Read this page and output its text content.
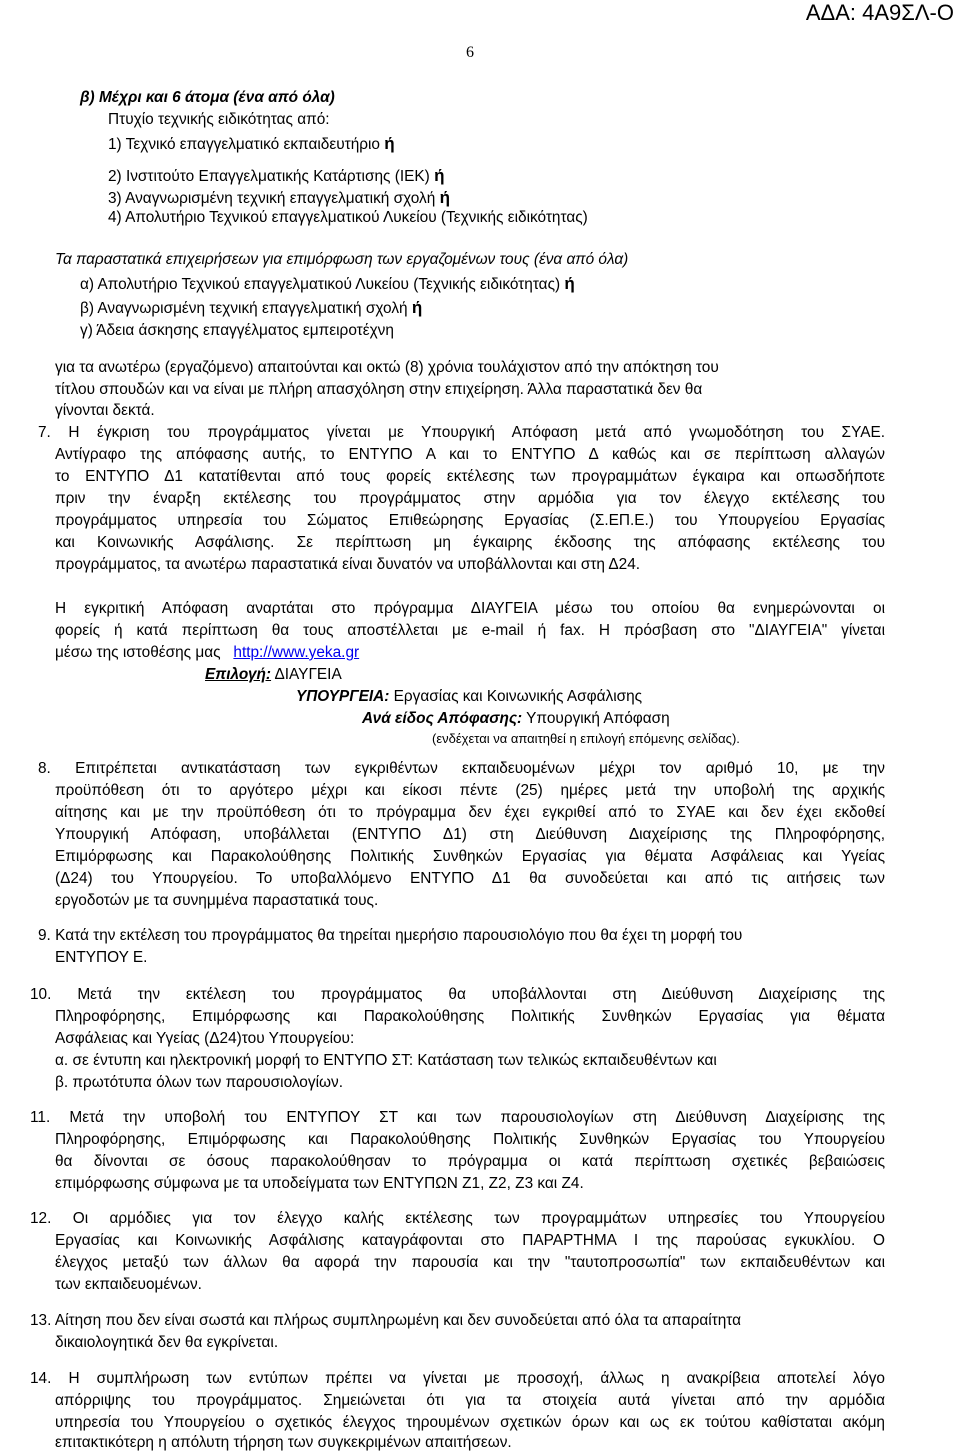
ΑΔΑ: 4Α9ΣΛ-Ο
6
β) Μέχρι και 6 άτομα (ένα από όλα)
Πτυχίο τεχνικής ειδικότητας από:
1) Τεχνικό επαγγελματικό εκπαιδευτήριο ή
2) Ινστιτούτο Επαγγελματικής Κατάρτισης (ΙΕΚ) ή
3) Αναγνωρισμένη τεχνική επαγγελματική σχολή ή
4) Απολυτήριο Τεχνικού επαγγελματικού Λυκείου (Τεχνικής ειδικότητας)
Τα παραστατικά επιχειρήσεων για επιμόρφωση των εργαζομένων τους (ένα από όλα)
α) Απολυτήριο Τεχνικού επαγγελματικού Λυκείου (Τεχνικής ειδικότητας) ή
β) Αναγνωρισμένη τεχνική επαγγελματική σχολή ή
γ) Άδεια άσκησης επαγγέλματος εμπειροτέχνη
για τα ανωτέρω (εργαζόμενο) απαιτούνται και οκτώ (8) χρόνια τουλάχιστον από την απόκτηση του
τίτλου σπουδών και να είναι με πλήρη απασχόληση στην επιχείρηση. Άλλα παραστατικά δεν θα
γίνονται δεκτά.
7. Η έγκριση του προγράμματος γίνεται με Υπουργική Απόφαση μετά από γνωμοδότηση του ΣΥΑΕ.
Αντίγραφο της απόφασης αυτής, το ΕΝΤΥΠΟ Α και το ΕΝΤΥΠΟ Δ καθώς και σε περίπτωση αλλαγών
το ΕΝΤΥΠΟ Δ1 κατατίθενται από τους φορείς εκτέλεσης των προγραμμάτων έγκαιρα και οπωσδήποτε
πριν την έναρξη εκτέλεσης του προγράμματος στην αρμόδια για τον έλεγχο εκτέλεσης του
προγράμματος υπηρεσία του Σώματος Επιθεώρησης Εργασίας (Σ.ΕΠ.Ε.) του Υπουργείου Εργασίας
και Κοινωνικής Ασφάλισης. Σε περίπτωση μη έγκαιρης έκδοσης της απόφασης εκτέλεσης του
προγράμματος, τα ανωτέρω παραστατικά είναι δυνατόν να υποβάλλονται και στη Δ24.
Η εγκριτική Απόφαση αναρτάται στο πρόγραμμα ΔΙΑΥΓΕΙΑ μέσω του οποίου θα ενημερώνονται οι
φορείς ή κατά περίπτωση θα τους αποστέλλεται με e-mail ή fax. Η πρόσβαση στο "ΔΙΑΥΓΕΙΑ" γίνεται
μέσω της ιστοθέσης μας http://www.yeka.gr
Επιλογή: ΔΙΑΥΓΕΙΑ
ΥΠΟΥΡΓΕΙΑ: Εργασίας και Κοινωνικής Ασφάλισης
Ανά είδος Απόφασης: Υπουργική Απόφαση
(ενδέχεται να απαιτηθεί η επιλογή επόμενης σελίδας).
8. Επιτρέπεται αντικατάσταση των εγκριθέντων εκπαιδευομένων μέχρι τον αριθμό 10, με την
προϋπόθεση ότι το αργότερο μέχρι και είκοσι πέντε (25) ημέρες μετά την υποβολή της αρχικής
αίτησης και με την προϋπόθεση ότι το πρόγραμμα δεν έχει εγκριθεί από το ΣΥΑΕ και δεν έχει εκδοθεί
Υπουργική Απόφαση, υποβάλλεται (ΕΝΤΥΠΟ Δ1) στη Διεύθυνση Διαχείρισης της Πληροφόρησης,
Επιμόρφωσης και Παρακολούθησης Πολιτικής Συνθηκών Εργασίας για θέματα Ασφάλειας και Υγείας
(Δ24) του Υπουργείου. Το υποβαλλόμενο ΕΝΤΥΠΟ Δ1 θα συνοδεύεται και από τις αιτήσεις των
εργοδοτών με τα συνημμένα παραστατικά τους.
9. Κατά την εκτέλεση του προγράμματος θα τηρείται ημερήσιο παρουσιολόγιο που θα έχει τη μορφή του
ΕΝΤΥΠΟΥ Ε.
10. Μετά την εκτέλεση του προγράμματος θα υποβάλλονται στη Διεύθυνση Διαχείρισης της
Πληροφόρησης, Επιμόρφωσης και Παρακολούθησης Πολιτικής Συνθηκών Εργασίας για θέματα
Ασφάλειας και Υγείας (Δ24)του Υπουργείου:
α. σε έντυπη και ηλεκτρονική μορφή το ΕΝΤΥΠΟ ΣΤ: Κατάσταση των τελικώς εκπαιδευθέντων και
β. πρωτότυπα όλων των παρουσιολογίων.
11. Μετά την υποβολή του ΕΝΤΥΠΟΥ ΣΤ και των παρουσιολογίων στη Διεύθυνση Διαχείρισης της
Πληροφόρησης, Επιμόρφωσης και Παρακολούθησης Πολιτικής Συνθηκών Εργασίας του Υπουργείου
θα δίνονται σε όσους παρακολούθησαν το πρόγραμμα οι κατά περίπτωση σχετικές βεβαιώσεις
επιμόρφωσης σύμφωνα με τα υποδείγματα των ΕΝΤΥΠΩΝ Ζ1, Ζ2, Ζ3 και Ζ4.
12. Οι αρμόδιες για τον έλεγχο καλής εκτέλεσης των προγραμμάτων υπηρεσίες του Υπουργείου
Εργασίας και Κοινωνικής Ασφάλισης καταγράφονται στο ΠΑΡΑΡΤΗΜΑ Ι της παρούσας εγκυκλίου. Ο
έλεγχος μεταξύ των άλλων θα αφορά την παρουσία και την "ταυτοπροσωπία" των εκπαιδευθέντων και
των εκπαιδευομένων.
13. Αίτηση που δεν είναι σωστά και πλήρως συμπληρωμένη και δεν συνοδεύεται από όλα τα απαραίτητα
δικαιολογητικά δεν θα εγκρίνεται.
14. Η συμπλήρωση των εντύπων πρέπει να γίνεται με προσοχή, άλλως η ανακρίβεια αποτελεί λόγο
απόρριψης του προγράμματος. Σημειώνεται ότι για τα στοιχεία αυτά γίνεται από την αρμόδια
υπηρεσία του Υπουργείου ο σχετικός έλεγχος τηρουμένων σχετικών όρων και ως εκ τούτου καθίσταται ακόμη
επιτακτικότερη η απόλυτη τήρηση των συγκεκριμένων απαιτήσεων.
